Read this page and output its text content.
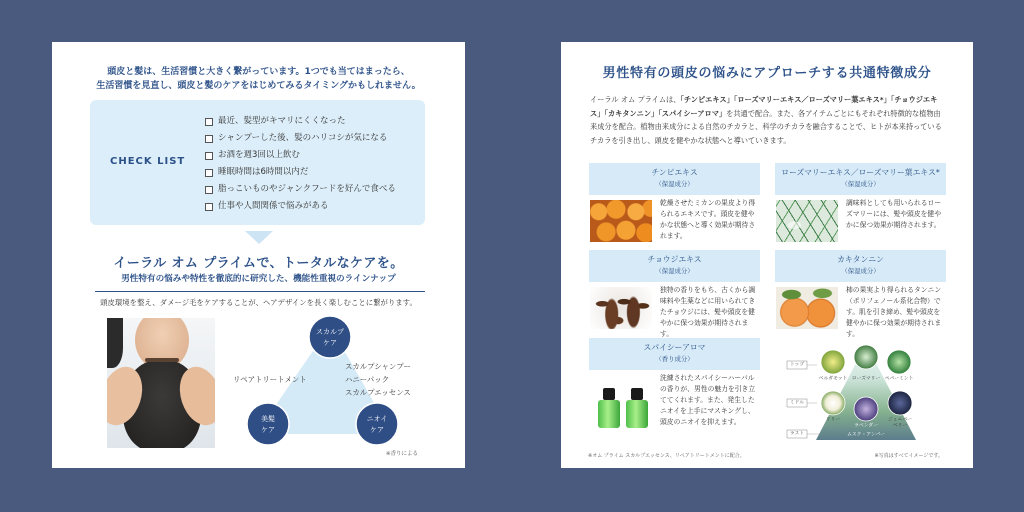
頭皮と髪は、生活習慣と大きく繋がっています。1つでも当てはまったら、
生活習慣を見直し、頭皮と髪のケアをはじめてみるタイミングかもしれません。
CHECK LIST
最近、髪型がキマリにくくなった
シャンプーした後、髪のハリコシが気になる
お酒を週3回以上飲む
睡眠時間は6時間以内だ
脂っこいものやジャンクフードを好んで食べる
仕事や人間関係で悩みがある
イーラル オム プライムで、トータルなケアを。
男性特有の悩みや特性を徹底的に研究した、機能性重視のラインナップ
頭皮環境を整え、ダメージ毛をケアすることが、ヘアデザインを長く楽しむことに繋がります。
スカルプ
ケア
美髪
ケア
ニオイ
ケア
リペアトリートメント
スカルプシャンプー
ハニーパック
スカルプエッセンス
※香りによる
男性特有の頭皮の悩みにアプローチする共通特徴成分

イーラル オム プライムは、「チンピエキス」「ローズマリーエキス／ローズマリー葉エキス*」「チョウジエキス」「カキタンニン」「スパイシーアロマ」を共通で配合。また、各アイテムごとにもそれぞれ特徴的な植物由来成分を配合。植物由来成分による自然のチカラと、科学のチカラを融合することで、ヒトが本来持っているチカラを引き出し、頭皮を健やかな状態へと導いていきます。

チンピエキス
（保湿成分）
乾燥させたミカンの果皮より得られるエキスです。頭皮を健やかな状態へと導く効果が期待されます。
ローズマリーエキス／ローズマリー葉エキス*
（保湿成分）
調味料としても用いられるローズマリーには、髪や頭皮を健やかに保つ効果が期待されます。
チョウジエキス
（保湿成分）
独特の香りをもち、古くから調味料や生薬などに用いられてきたチョウジには、髪や頭皮を健やかに保つ効果が期待されます。
カキタンニン
（保湿成分）
柿の果実より得られるタンニン（ポリフェノール系化合物）です。肌を引き締め、髪や頭皮を健やかに保つ効果が期待されます。
スパイシーアロマ
（香り成分）
洗練されたスパイシーハーバルの香りが、男性の魅力を引き立ててくれます。また、発生したニオイを上手にマスキングし、頭皮のニオイを抑えます。
トップ
ミドル
ラスト
ベルガモット ローズマリー ペパーミント
リリー
ラベンダー
ジュニパー
ベリー
ムスク・アンバー
※オム プライム スカルプエッセンス、リペアトリートメントに配合。	※写真はすべてイメージです。
